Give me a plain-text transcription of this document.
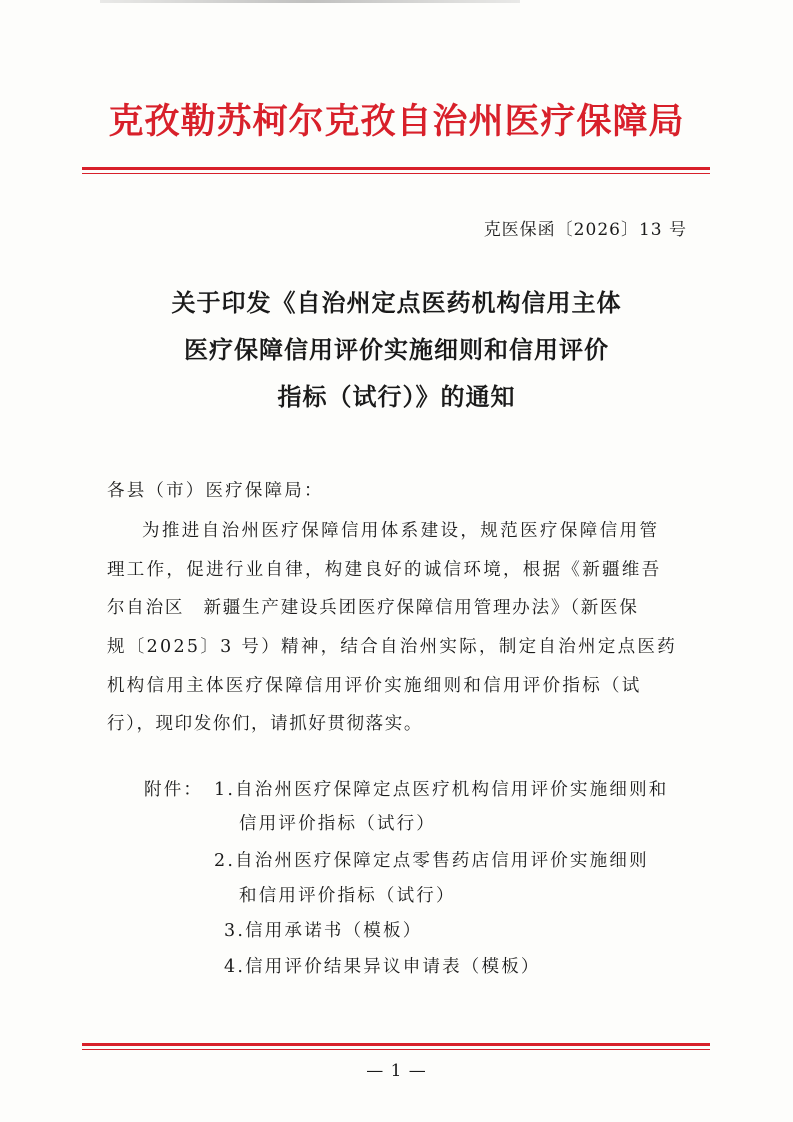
克孜勒苏柯尔克孜自治州医疗保障局
克医保函〔2026〕13 号
关于印发《自治州定点医药机构信用主体
医疗保障信用评价实施细则和信用评价
指标（试行）》的通知
各县（市）医疗保障局：
为推进自治州医疗保障信用体系建设，规范医疗保障信用管
理工作，促进行业自律，构建良好的诚信环境，根据《新疆维吾
尔自治区　新疆生产建设兵团医疗保障信用管理办法》（新医保
规〔2025〕3 号）精神，结合自治州实际，制定自治州定点医药
机构信用主体医疗保障信用评价实施细则和信用评价指标（试
行），现印发你们，请抓好贯彻落实。
附件： 1.自治州医疗保障定点医疗机构信用评价实施细则和
信用评价指标（试行）
2.自治州医疗保障定点零售药店信用评价实施细则
和信用评价指标（试行）
3.信用承诺书（模板）
4.信用评价结果异议申请表（模板）
— 1 —
